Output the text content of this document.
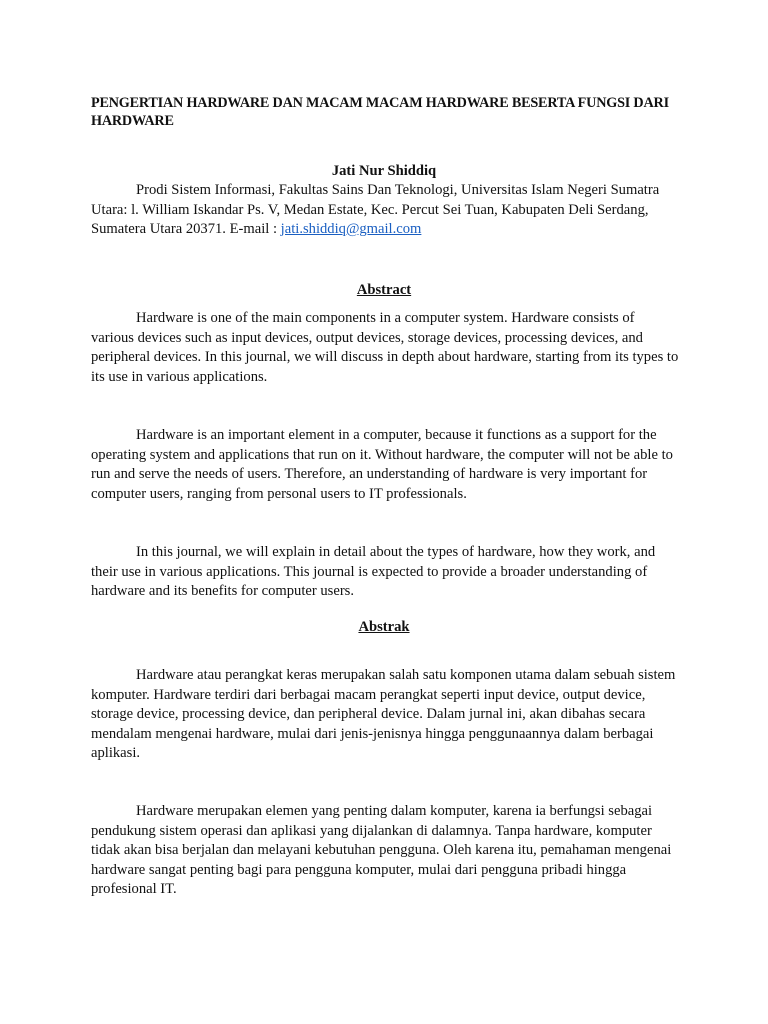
PENGERTIAN HARDWARE DAN MACAM MACAM HARDWARE BESERTA FUNGSI DARI HARDWARE
Jati Nur Shiddiq

Prodi Sistem Informasi, Fakultas Sains Dan Teknologi, Universitas Islam Negeri Sumatra Utara: l. William Iskandar Ps. V, Medan Estate, Kec. Percut Sei Tuan, Kabupaten Deli Serdang, Sumatera Utara 20371. E-mail : jati.shiddiq@gmail.com

Abstract

Hardware is one of the main components in a computer system. Hardware consists of various devices such as input devices, output devices, storage devices, processing devices, and peripheral devices. In this journal, we will discuss in depth about hardware, starting from its types to its use in various applications.

Hardware is an important element in a computer, because it functions as a support for the operating system and applications that run on it. Without hardware, the computer will not be able to run and serve the needs of users. Therefore, an understanding of hardware is very important for computer users, ranging from personal users to IT professionals.

In this journal, we will explain in detail about the types of hardware, how they work, and their use in various applications. This journal is expected to provide a broader understanding of hardware and its benefits for computer users.

Abstrak

Hardware atau perangkat keras merupakan salah satu komponen utama dalam sebuah sistem komputer. Hardware terdiri dari berbagai macam perangkat seperti input device, output device, storage device, processing device, dan peripheral device. Dalam jurnal ini, akan dibahas secara mendalam mengenai hardware, mulai dari jenis-jenisnya hingga penggunaannya dalam berbagai aplikasi.

Hardware merupakan elemen yang penting dalam komputer, karena ia berfungsi sebagai pendukung sistem operasi dan aplikasi yang dijalankan di dalamnya. Tanpa hardware, komputer tidak akan bisa berjalan dan melayani kebutuhan pengguna. Oleh karena itu, pemahaman mengenai hardware sangat penting bagi para pengguna komputer, mulai dari pengguna pribadi hingga profesional IT.
